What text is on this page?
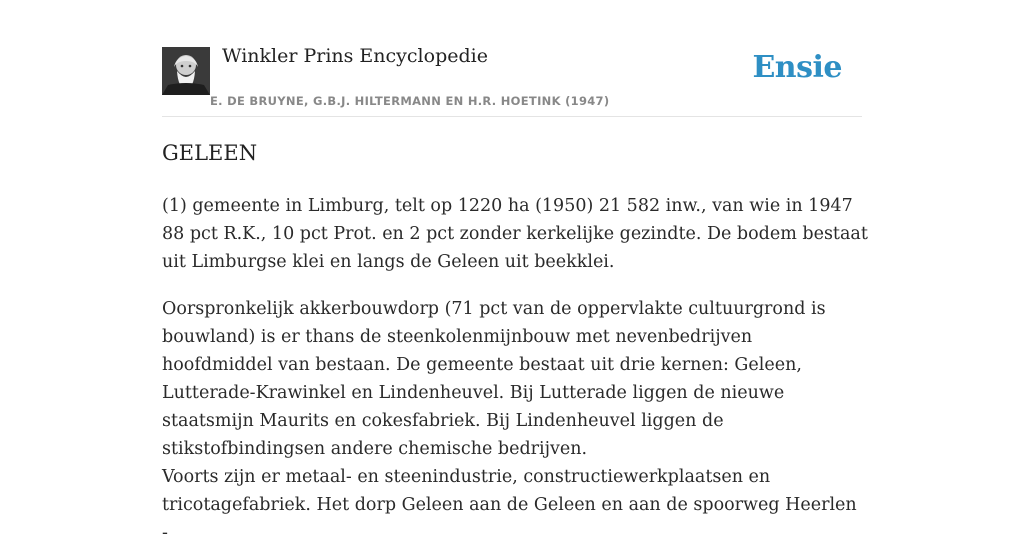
Winkler Prins Encyclopedie
E. DE BRUYNE, G.B.J. HILTERMANN EN H.R. HOETINK (1947)
Ensie
GELEEN

(1) gemeente in Limburg, telt op 1220 ha (1950) 21 582 inw., van wie in 1947 88 pct R.K., 10 pct Prot. en 2 pct zonder kerkelijke gezindte. De bodem bestaat uit Limburgse klei en langs de Geleen uit beekklei.

Oorspronkelijk akkerbouwdorp (71 pct van de oppervlakte cultuurgrond is bouwland) is er thans de steenkolenmijnbouw met nevenbedrijven hoofdmiddel van bestaan. De gemeente bestaat uit drie kernen: Geleen, Lutterade-Krawinkel en Lindenheuvel. Bij Lutterade liggen de nieuwe staatsmijn Maurits en cokesfabriek. Bij Lindenheuvel liggen de stikstofbindingsen andere chemische bedrijven.

Voorts zijn er metaal- en steenindustrie, constructiewerkplaatsen en tricotagefabriek. Het dorp Geleen aan de Geleen en aan de spoorweg Heerlen -
